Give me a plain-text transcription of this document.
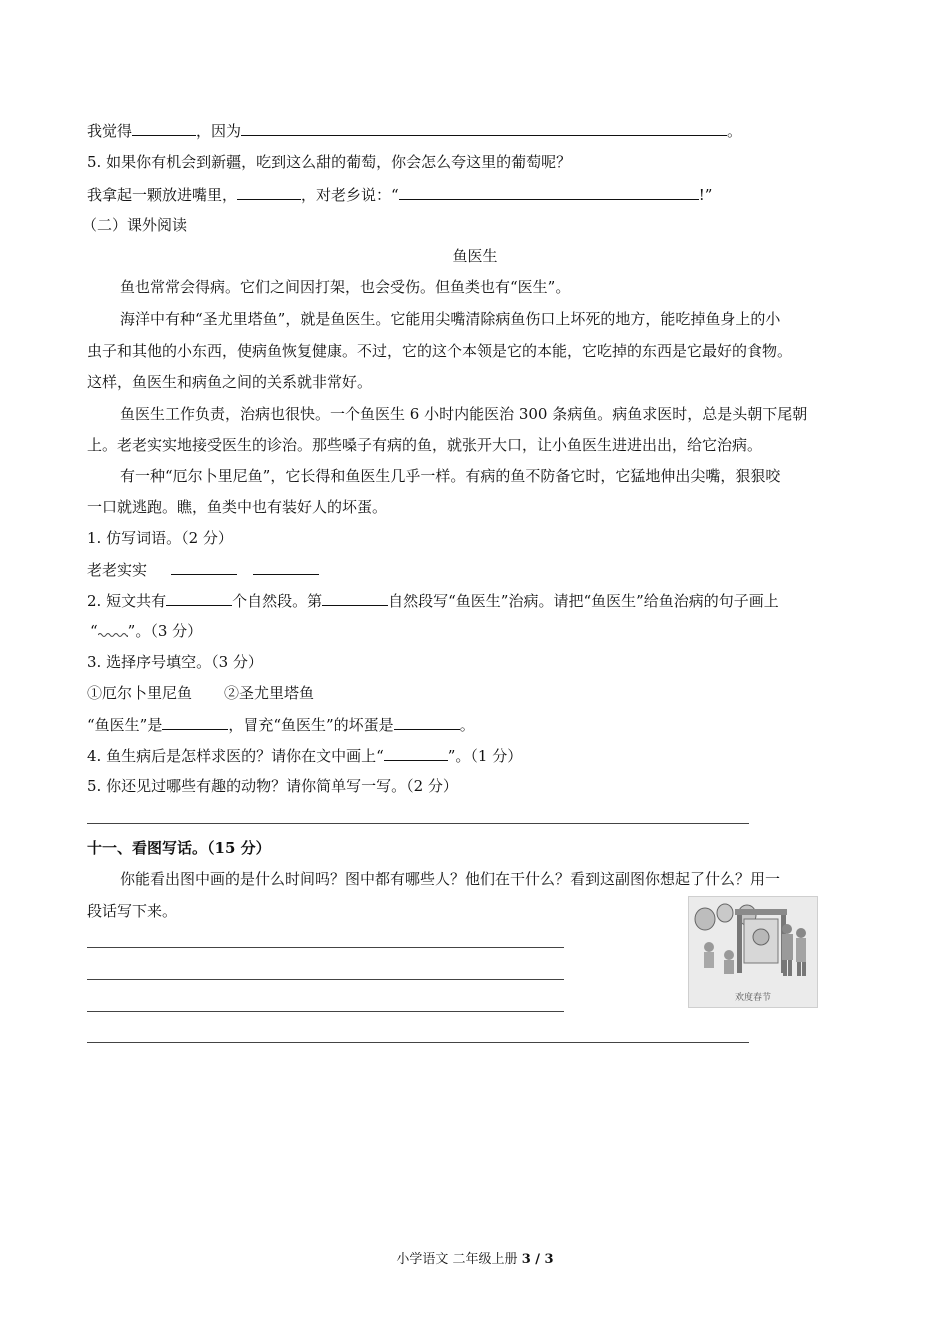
我觉得	，因为	。
5. 如果你有机会到新疆，吃到这么甜的葡萄，你会怎么夸这里的葡萄呢？
我拿起一颗放进嘴里，	，对老乡说：“	!”
（二）课外阅读
鱼医生
鱼也常常会得病。它们之间因打架，也会受伤。但鱼类也有“医生”。
海洋中有种“圣尤里塔鱼”，就是鱼医生。它能用尖嘴清除病鱼伤口上坏死的地方，能吃掉鱼身上的小
虫子和其他的小东西，使病鱼恢复健康。不过，它的这个本领是它的本能，它吃掉的东西是它最好的食物。
这样，鱼医生和病鱼之间的关系就非常好。
鱼医生工作负责，治病也很快。一个鱼医生 6 小时内能医治 300 条病鱼。病鱼求医时，总是头朝下尾朝
上。老老实实地接受医生的诊治。那些嗓子有病的鱼，就张开大口，让小鱼医生进进出出，给它治病。
有一种“厄尔卜里尼鱼”，它长得和鱼医生几乎一样。有病的鱼不防备它时，它猛地伸出尖嘴，狠狠咬
一口就逃跑。瞧，鱼类中也有装好人的坏蛋。
1. 仿写词语。（2 分）
老老实实
2. 短文共有	个自然段。第	自然段写“鱼医生”治病。请把“鱼医生”给鱼治病的句子画上
“ ”。（3 分）
3. 选择序号填空。（3 分）
①厄尔卜里尼鱼 ②圣尤里塔鱼
“鱼医生”是	，冒充“鱼医生”的坏蛋是	。
4. 鱼生病后是怎样求医的？请你在文中画上“	”。（1 分）
5. 你还见过哪些有趣的动物？请你简单写一写。（2 分）
十一、看图写话。（15 分）
你能看出图中画的是什么时间吗？图中都有哪些人？他们在干什么？看到这副图你想起了什么？用一
段话写下来。
欢度春节
小学语文 二年级上册 3 / 3
